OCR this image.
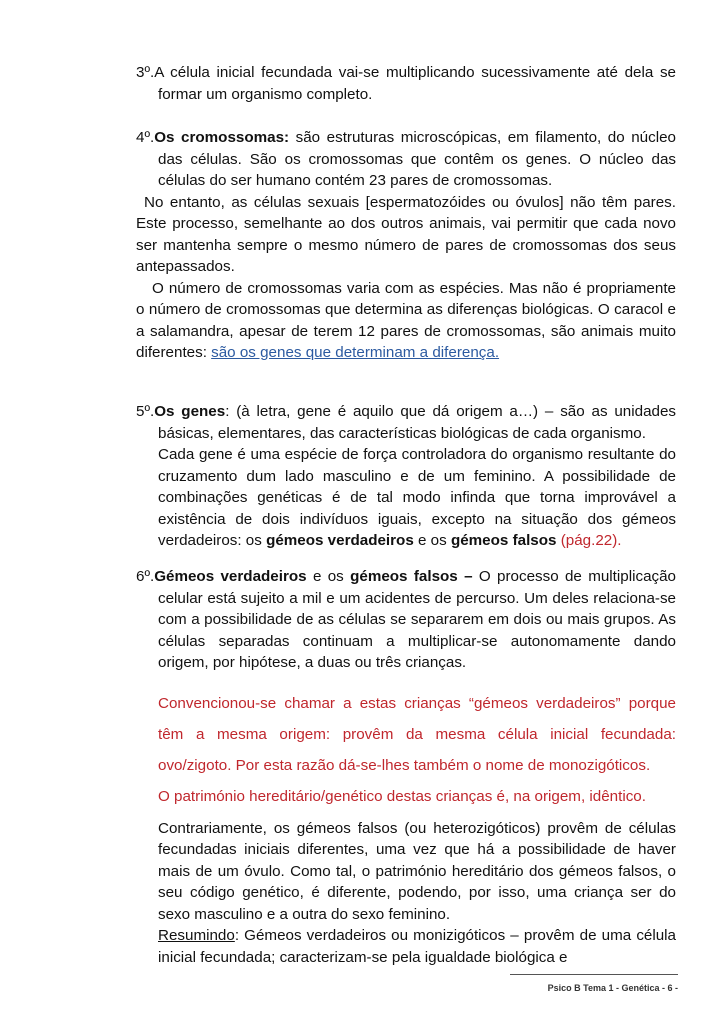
3º.A célula inicial fecundada vai-se multiplicando sucessivamente até dela se formar um organismo completo.

4º.Os cromossomas: são estruturas microscópicas, em filamento, do núcleo das células. São os cromossomas que contêm os genes. O núcleo das células do ser humano contém 23 pares de cromossomas.

No entanto, as células sexuais [espermatozóides ou óvulos] não têm pares. Este processo, semelhante ao dos outros animais, vai permitir que cada novo ser mantenha sempre o mesmo número de pares de cromossomas dos seus antepassados.

O número de cromossomas varia com as espécies. Mas não é propriamente o número de cromossomas que determina as diferenças biológicas. O caracol e a salamandra, apesar de terem 12 pares de cromossomas, são animais muito diferentes: são os genes que determinam a diferença.

5º.Os genes: (à letra, gene é aquilo que dá origem a…) – são as unidades básicas, elementares, das características biológicas de cada organismo.

Cada gene é uma espécie de força controladora do organismo resultante do cruzamento dum lado masculino e de um feminino. A possibilidade de combinações genéticas é de tal modo infinda que torna improvável a existência de dois indivíduos iguais, excepto na situação dos gémeos verdadeiros: os gémeos verdadeiros e os gémeos falsos (pág.22).

6º.Gémeos verdadeiros e os gémeos falsos – O processo de multiplicação celular está sujeito a mil e um acidentes de percurso. Um deles relaciona-se com a possibilidade de as células se separarem em dois ou mais grupos. As células separadas continuam a multiplicar-se autonomamente dando origem, por hipótese, a duas ou três crianças.

Convencionou-se chamar a estas crianças “gémeos verdadeiros” porque têm a mesma origem: provêm da mesma célula inicial fecundada: ovo/zigoto. Por esta razão dá-se-lhes também o nome de monozigóticos.

O património hereditário/genético destas crianças é, na origem, idêntico.

Contrariamente, os gémeos falsos (ou heterozigóticos) provêm de células fecundadas iniciais diferentes, uma vez que há a possibilidade de haver mais de um óvulo. Como tal, o património hereditário dos gémeos falsos, o seu código genético, é diferente, podendo, por isso, uma criança ser do sexo masculino e a outra do sexo feminino.

Resumindo: Gémeos verdadeiros ou monizigóticos – provêm de uma célula inicial fecundada; caracterizam-se pela igualdade biológica e

Psico B Tema 1 - Genética - 6 -
